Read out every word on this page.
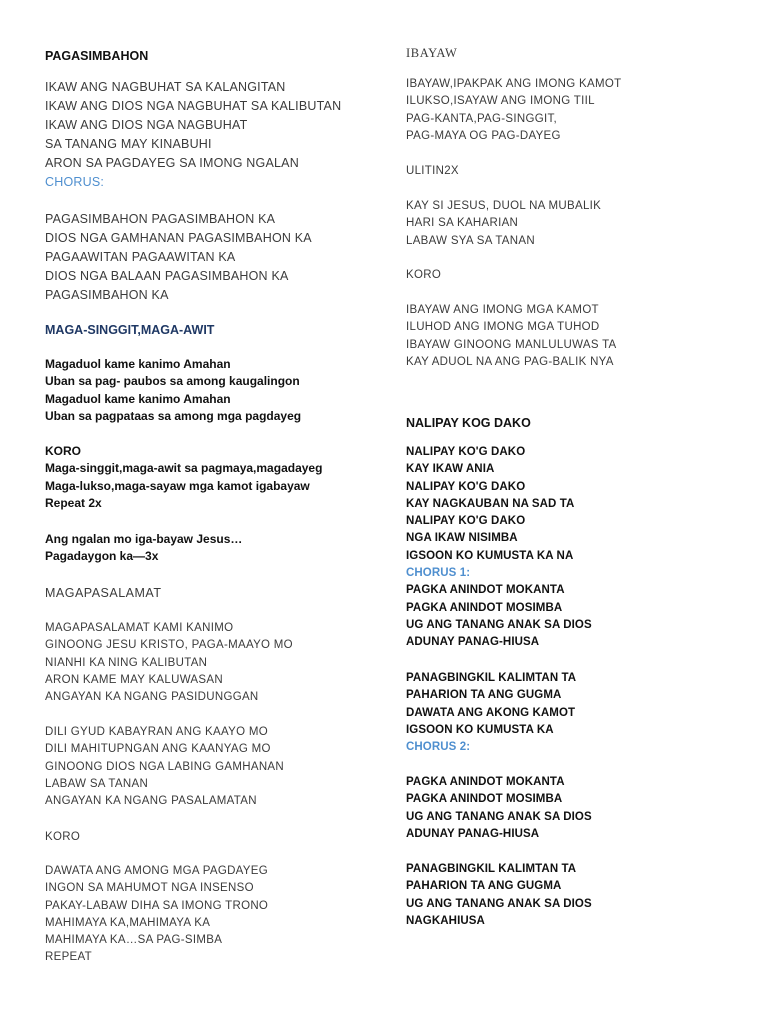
PAGASIMBAHON
IKAW ANG NAGBUHAT SA KALANGITAN
IKAW ANG DIOS NGA NAGBUHAT SA KALIBUTAN
IKAW ANG DIOS NGA NAGBUHAT
SA TANANG MAY KINABUHI
ARON SA PAGDAYEG SA IMONG NGALAN
CHORUS:
PAGASIMBAHON PAGASIMBAHON KA
DIOS NGA GAMHANAN PAGASIMBAHON KA
PAGAAWITAN PAGAAWITAN KA
DIOS NGA BALAAN PAGASIMBAHON KA
PAGASIMBAHON KA
MAGA-SINGGIT,MAGA-AWIT
Magaduol kame kanimo Amahan
Uban sa pag- paubos sa among kaugalingon
Magaduol kame kanimo Amahan
Uban sa pagpataas sa among mga pagdayeg
KORO
Maga-singgit,maga-awit sa pagmaya,magadayeg
Maga-lukso,maga-sayaw mga kamot igabayaw
Repeat 2x
Ang ngalan mo iga-bayaw Jesus…
Pagadaygon ka—3x
MAGAPASALAMAT
MAGAPASALAMAT KAMI KANIMO
GINOONG JESU KRISTO, PAGA-MAAYO MO
NIANHI KA NING KALIBUTAN
ARON KAME MAY KALUWASAN
ANGAYAN KA NGANG PASIDUNGGAN
DILI GYUD KABAYRAN ANG KAAYO MO
DILI MAHITUPNGAN ANG KAANYAG MO
GINOONG DIOS NGA LABING GAMHANAN
LABAW SA TANAN
ANGAYAN KA NGANG PASALAMATAN
KORO
DAWATA ANG AMONG MGA PAGDAYEG
INGON SA MAHUMOT NGA INSENSO
PAKAY-LABAW DIHA SA IMONG TRONO
MAHIMAYA KA,MAHIMAYA KA
MAHIMAYA KA…SA PAG-SIMBA
REPEAT
IBAYAW
IBAYAW,IPAKPAK ANG IMONG KAMOT
ILUKSO,ISAYAW ANG IMONG TIIL
PAG-KANTA,PAG-SINGGIT,
PAG-MAYA OG PAG-DAYEG
ULITIN2X
KAY SI JESUS, DUOL NA MUBALIK
HARI SA KAHARIAN
LABAW SYA SA TANAN
KORO
IBAYAW ANG IMONG MGA KAMOT
ILUHOD ANG IMONG MGA TUHOD
IBAYAW GINOONG MANLULUWAS TA
KAY ADUOL NA ANG PAG-BALIK NYA
NALIPAY KOG DAKO
NALIPAY KO'G DAKO
KAY IKAW ANIA
NALIPAY KO'G DAKO
KAY NAGKAUBAN NA SAD TA
NALIPAY KO'G DAKO
NGA IKAW NISIMBA
IGSOON KO KUMUSTA KA NA
CHORUS 1:
PAGKA ANINDOT MOKANTA
PAGKA ANINDOT MOSIMBA
UG ANG TANANG ANAK SA DIOS
ADUNAY PANAG-HIUSA
PANAGBINGKIL KALIMTAN TA
PAHARION TA ANG GUGMA
DAWATA ANG AKONG KAMOT
IGSOON KO KUMUSTA KA
CHORUS 2:
PAGKA ANINDOT MOKANTA
PAGKA ANINDOT MOSIMBA
UG ANG TANANG ANAK SA DIOS
ADUNAY PANAG-HIUSA
PANAGBINGKIL KALIMTAN TA
PAHARION TA ANG GUGMA
UG ANG TANANG ANAK SA DIOS
NAGKAHIUSA
